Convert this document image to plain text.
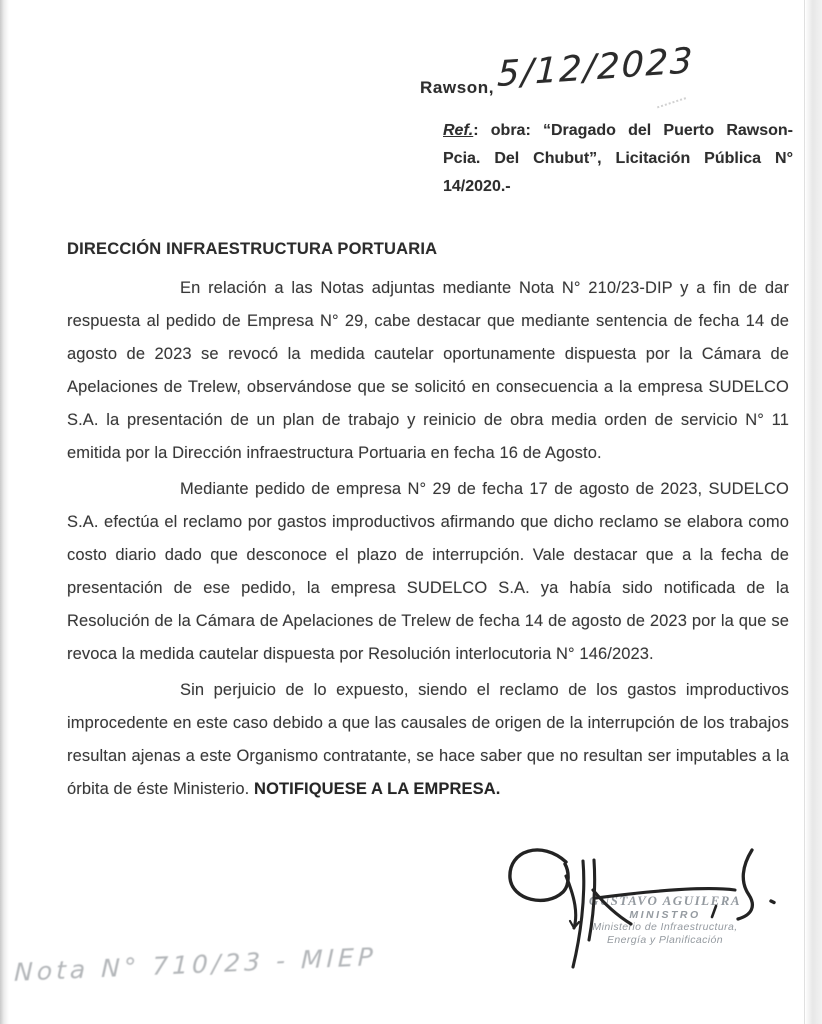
Rawson, 5/12/2023
Ref.: obra: “Dragado del Puerto Rawson- Pcia. Del Chubut”, Licitación Pública N° 14/2020.-
DIRECCIÓN INFRAESTRUCTURA PORTUARIA

En relación a las Notas adjuntas mediante Nota N° 210/23-DIP y a fin de dar respuesta al pedido de Empresa N° 29, cabe destacar que mediante sentencia de fecha 14 de agosto de 2023 se revocó la medida cautelar oportunamente dispuesta por la Cámara de Apelaciones de Trelew, observándose que se solicitó en consecuencia a la empresa SUDELCO S.A. la presentación de un plan de trabajo y reinicio de obra media orden de servicio N° 11 emitida por la Dirección infraestructura Portuaria en fecha 16 de Agosto.

Mediante pedido de empresa N° 29 de fecha 17 de agosto de 2023, SUDELCO S.A. efectúa el reclamo por gastos improductivos afirmando que dicho reclamo se elabora como costo diario dado que desconoce el plazo de interrupción. Vale destacar que a la fecha de presentación de ese pedido, la empresa SUDELCO S.A. ya había sido notificada de la Resolución de la Cámara de Apelaciones de Trelew de fecha 14 de agosto de 2023 por la que se revoca la medida cautelar dispuesta por Resolución interlocutoria N° 146/2023.

Sin perjuicio de lo expuesto, siendo el reclamo de los gastos improductivos improcedente en este caso debido a que las causales de origen de la interrupción de los trabajos resultan ajenas a este Organismo contratante, se hace saber que no resultan ser imputables a la órbita de éste Ministerio. NOTIFIQUESE A LA EMPRESA.

GUSTAVO AGUILERA
MINISTRO
Ministerio de Infraestructura,
Energía y Planificación
Nota N° 710/23 - MIEP
